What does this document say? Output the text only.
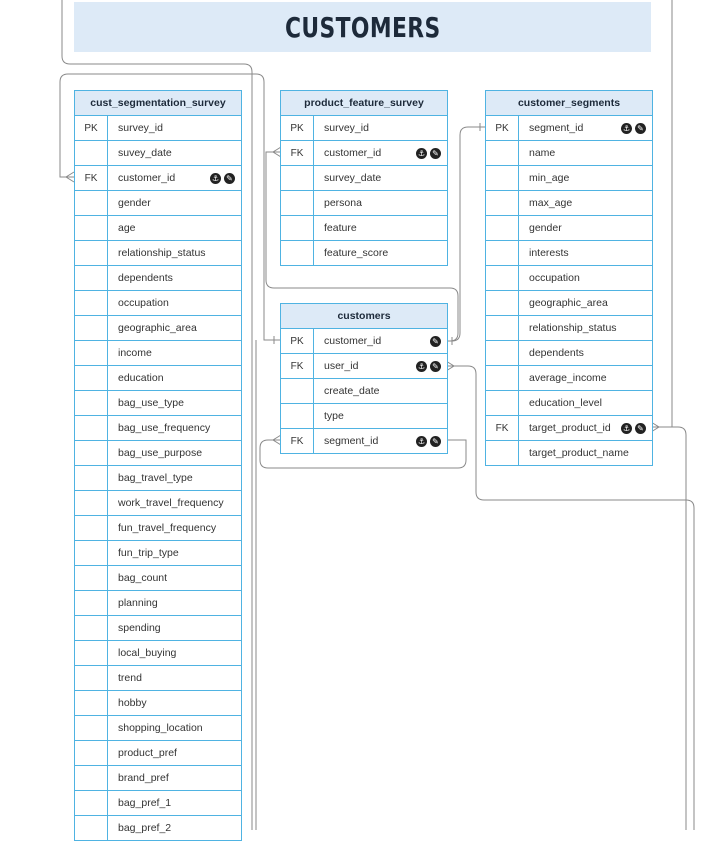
CUSTOMERS
cust_segmentation_survey
PK	survey_id
suvey_date
FK	customer_id	⚓ ✎
gender
age
relationship_status
dependents
occupation
geographic_area
income
education
bag_use_type
bag_use_frequency
bag_use_purpose
bag_travel_type
work_travel_frequency
fun_travel_frequency
fun_trip_type
bag_count
planning
spending
local_buying
trend
hobby
shopping_location
product_pref
brand_pref
bag_pref_1
bag_pref_2
product_feature_survey
PK	survey_id
FK	customer_id	⚓ ✎
survey_date
persona
feature
feature_score
customers
PK	customer_id	✎
FK	user_id	⚓ ✎
create_date
type
FK	segment_id	⚓ ✎
customer_segments
PK	segment_id	⚓ ✎
name
min_age
max_age
gender
interests
occupation
geographic_area
relationship_status
dependents
average_income
education_level
FK	target_product_id	⚓ ✎
target_product_name
